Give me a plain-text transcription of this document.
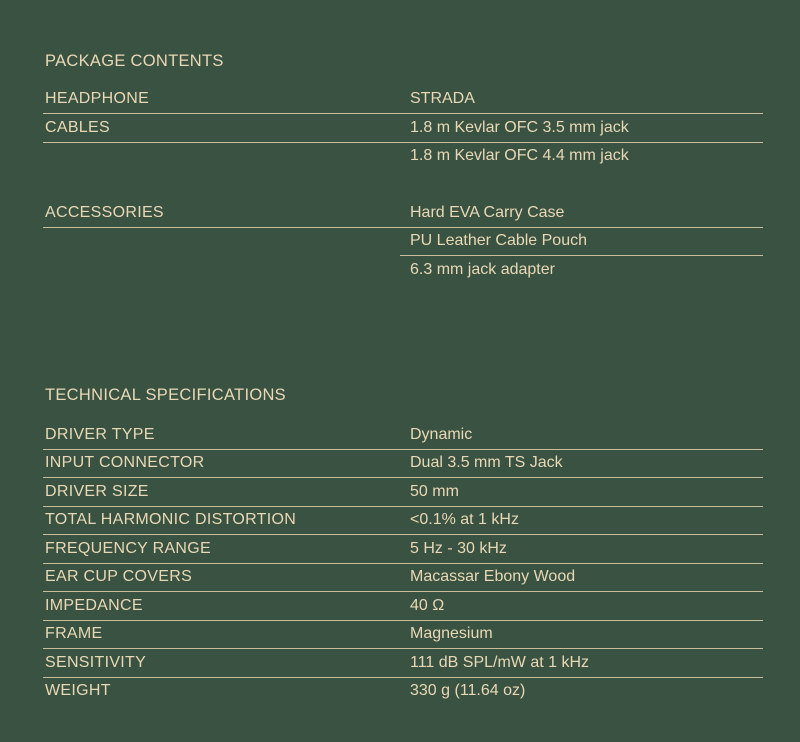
PACKAGE CONTENTS
HEADPHONE	STRADA
CABLES	1.8 m Kevlar OFC 3.5 mm jack
1.8 m Kevlar OFC 4.4 mm jack
ACCESSORIES	Hard EVA Carry Case
PU Leather Cable Pouch
6.3 mm jack adapter
TECHNICAL SPECIFICATIONS
DRIVER TYPE	Dynamic
INPUT CONNECTOR	Dual 3.5 mm TS Jack
DRIVER SIZE	50 mm
TOTAL HARMONIC DISTORTION	<0.1% at 1 kHz
FREQUENCY RANGE	5 Hz - 30 kHz
EAR CUP COVERS	Macassar Ebony Wood
IMPEDANCE	40 Ω
FRAME	Magnesium
SENSITIVITY	111 dB SPL/mW at 1 kHz
WEIGHT	330 g (11.64 oz)
